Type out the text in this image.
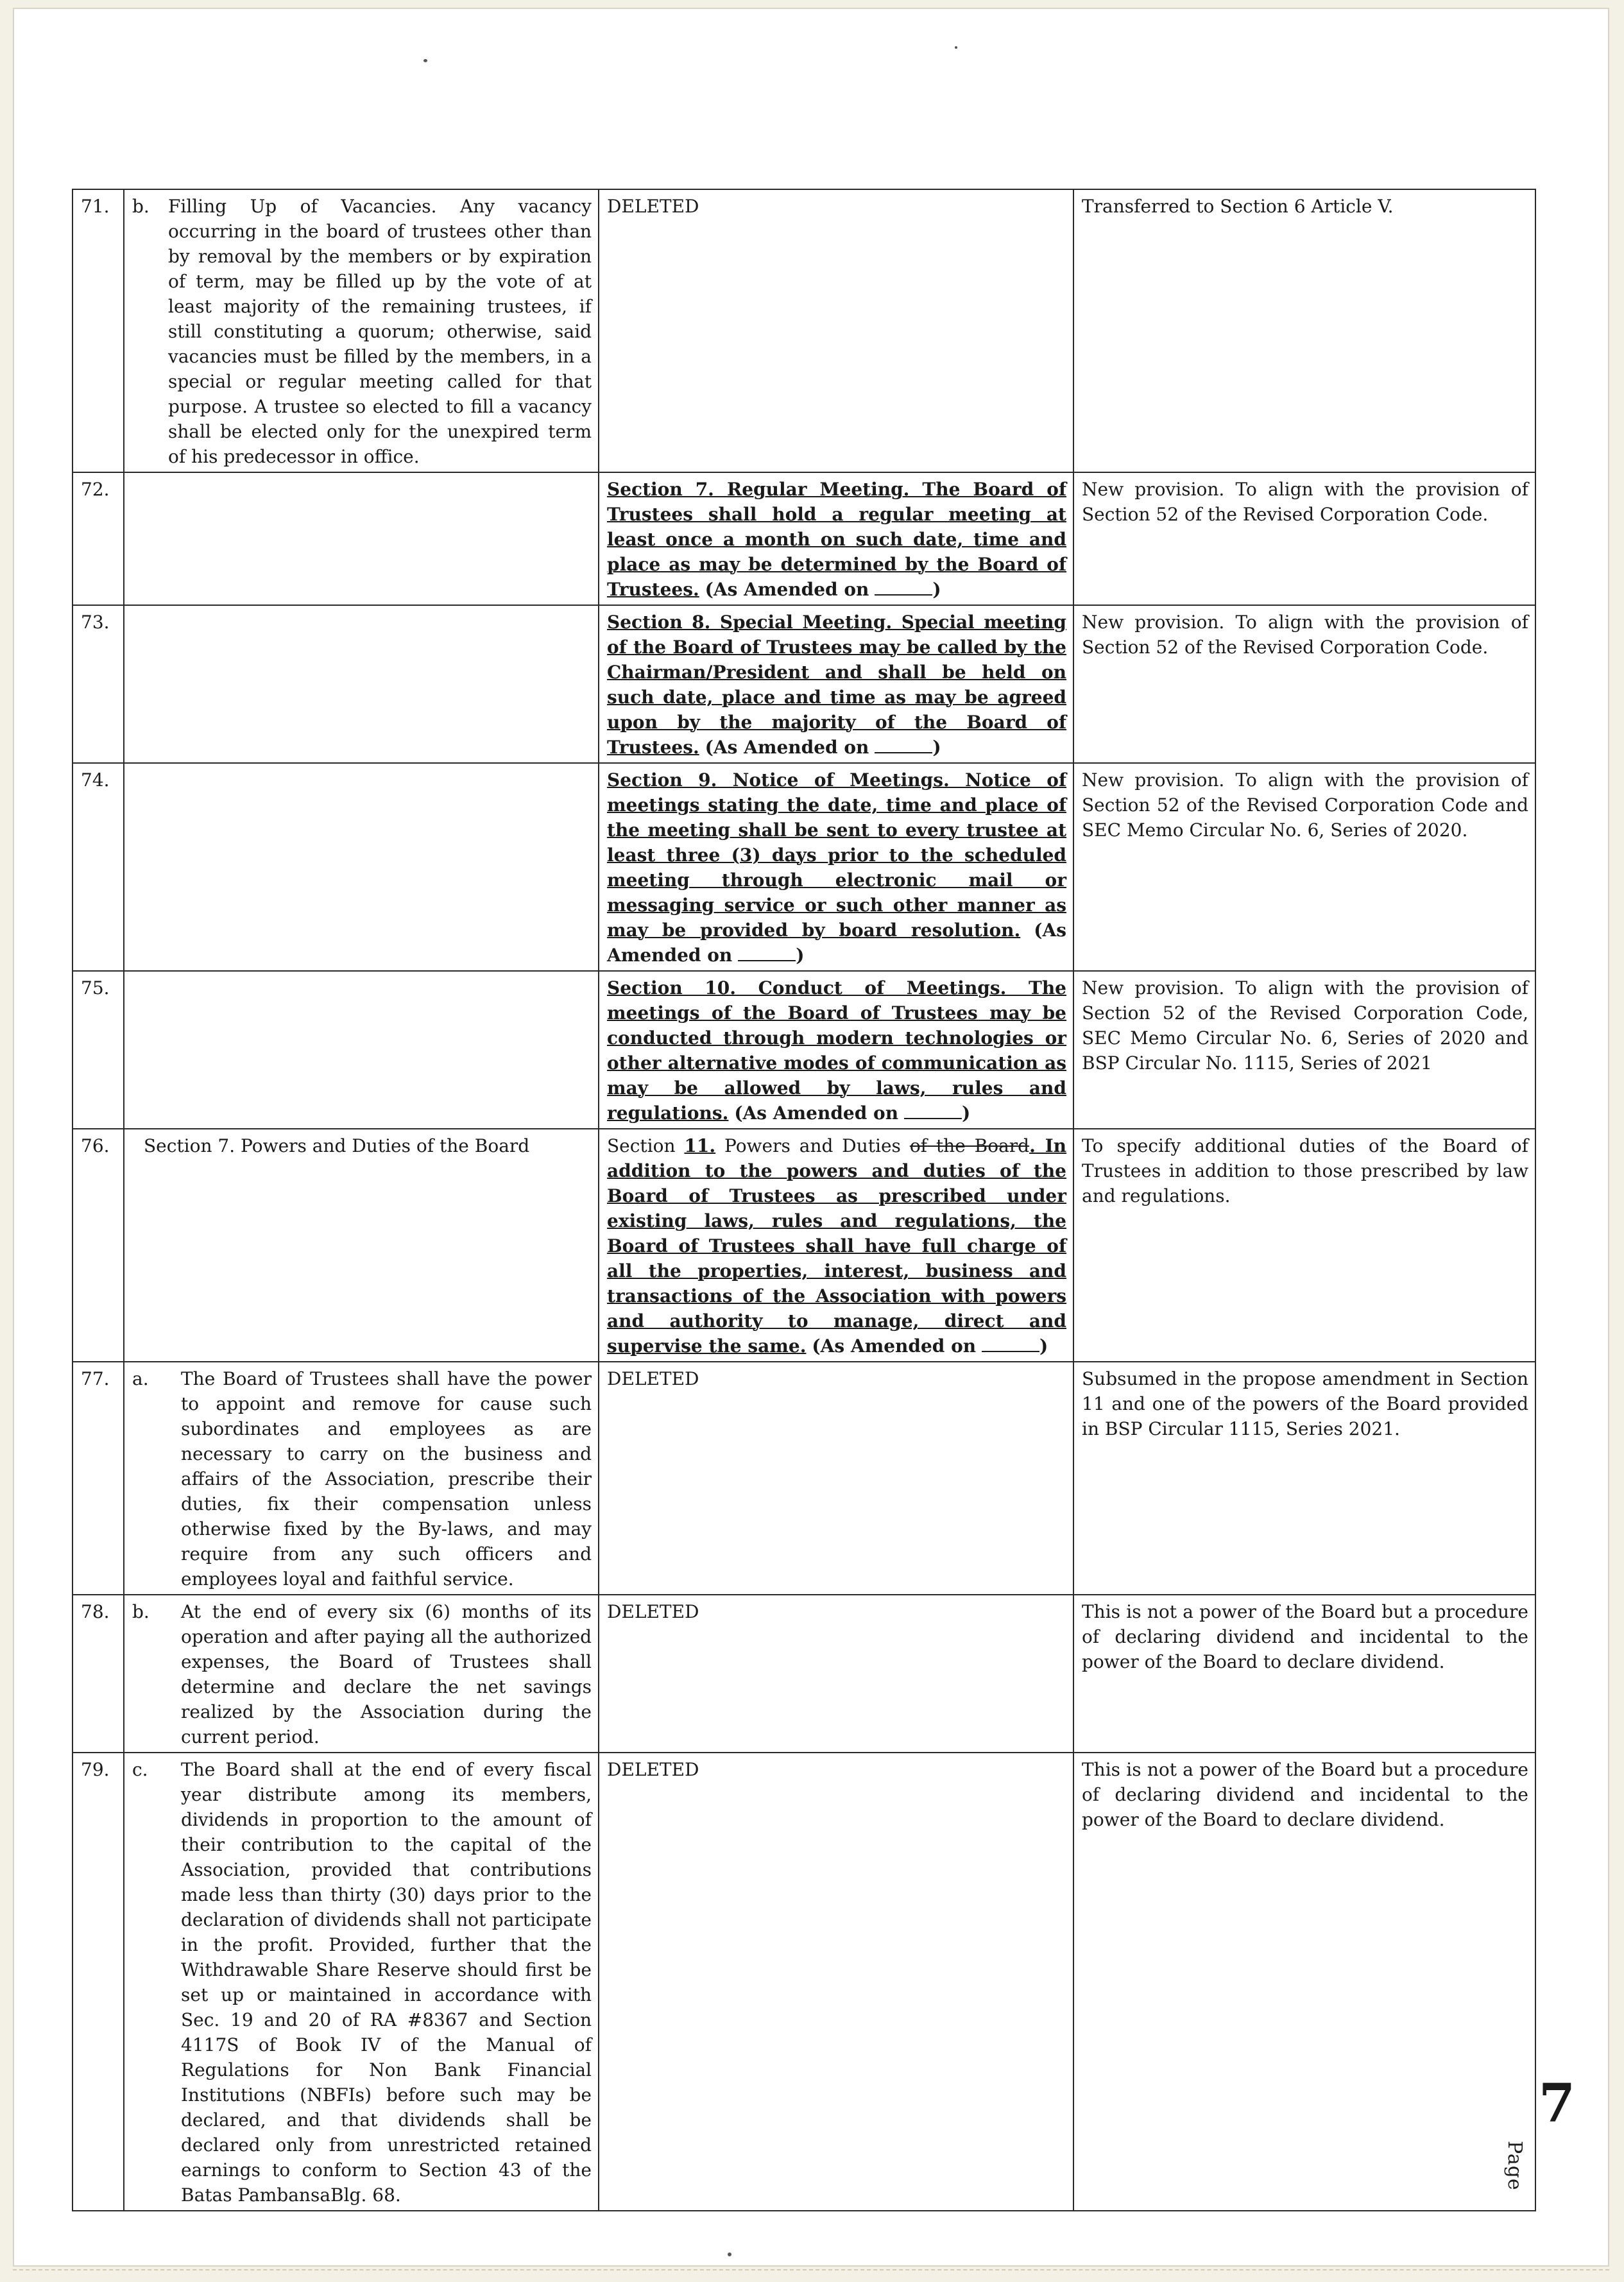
71.	b. Filling Up of Vacancies. Any vacancy occurring in the board of trustees other than by removal by the members or by expiration of term, may be filled up by the vote of at least majority of the remaining trustees, if still constituting a quorum; otherwise, said vacancies must be filled by the members, in a special or regular meeting called for that purpose. A trustee so elected to fill a vacancy shall be elected only for the unexpired term of his predecessor in office.	DELETED	Transferred to Section 6 Article V.
72.		Section 7. Regular Meeting. The Board of Trustees shall hold a regular meeting at least once a month on such date, time and place as may be determined by the Board of Trustees. (As Amended on )	New provision. To align with the provision of Section 52 of the Revised Corporation Code.
73.		Section 8. Special Meeting. Special meeting of the Board of Trustees may be called by the Chairman/President and shall be held on such date, place and time as may be agreed upon by the majority of the Board of Trustees. (As Amended on )	New provision. To align with the provision of Section 52 of the Revised Corporation Code.
74.		Section 9. Notice of Meetings. Notice of meetings stating the date, time and place of the meeting shall be sent to every trustee at least three (3) days prior to the scheduled meeting through electronic mail or messaging service or such other manner as may be provided by board resolution. (As Amended on )	New provision. To align with the provision of Section 52 of the Revised Corporation Code and SEC Memo Circular No. 6, Series of 2020.
75.		Section 10. Conduct of Meetings. The meetings of the Board of Trustees may be conducted through modern technologies or other alternative modes of communication as may be allowed by laws, rules and regulations. (As Amended on )	New provision. To align with the provision of Section 52 of the Revised Corporation Code, SEC Memo Circular No. 6, Series of 2020 and BSP Circular No. 1115, Series of 2021
76.	Section 7. Powers and Duties of the Board	Section 11. Powers and Duties of the Board. In addition to the powers and duties of the Board of Trustees as prescribed under existing laws, rules and regulations, the Board of Trustees shall have full charge of all the properties, interest, business and transactions of the Association with powers and authority to manage, direct and supervise the same. (As Amended on )	To specify additional duties of the Board of Trustees in addition to those prescribed by law and regulations.
77.	a. The Board of Trustees shall have the power to appoint and remove for cause such subordinates and employees as are necessary to carry on the business and affairs of the Association, prescribe their duties, fix their compensation unless otherwise fixed by the By-laws, and may require from any such officers and employees loyal and faithful service.	DELETED	Subsumed in the propose amendment in Section 11 and one of the powers of the Board provided in BSP Circular 1115, Series 2021.
78.	b. At the end of every six (6) months of its operation and after paying all the authorized expenses, the Board of Trustees shall determine and declare the net savings realized by the Association during the current period.	DELETED	This is not a power of the Board but a procedure of declaring dividend and incidental to the power of the Board to declare dividend.
79.	c. The Board shall at the end of every fiscal year distribute among its members, dividends in proportion to the amount of their contribution to the capital of the Association, provided that contributions made less than thirty (30) days prior to the declaration of dividends shall not participate in the profit. Provided, further that the Withdrawable Share Reserve should first be set up or maintained in accordance with Sec. 19 and 20 of RA #8367 and Section 4117S of Book IV of the Manual of Regulations for Non Bank Financial Institutions (NBFIs) before such may be declared, and that dividends shall be declared only from unrestricted retained earnings to conform to Section 43 of the Batas PambansaBlg. 68.	DELETED	This is not a power of the Board but a procedure of declaring dividend and incidental to the power of the Board to declare dividend.
Page
7
